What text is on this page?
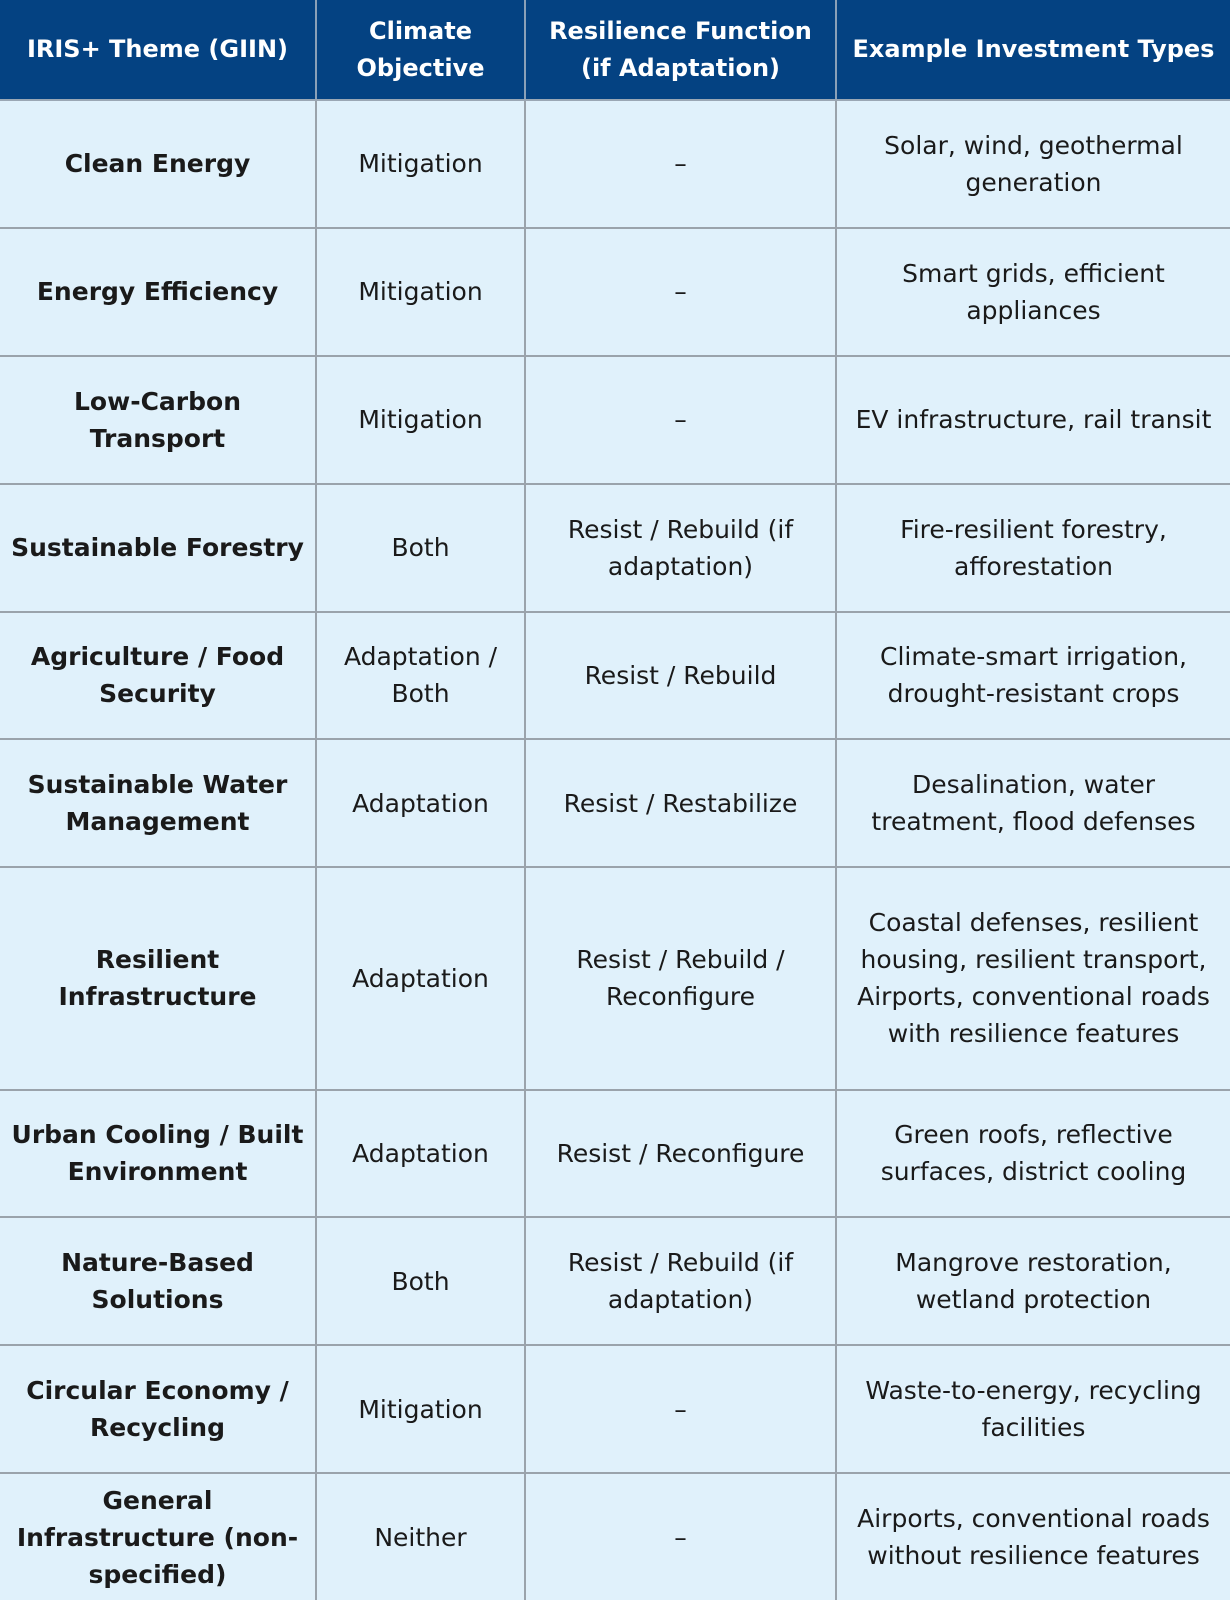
IRIS+ Theme (GIIN)	Climate Objective	Resilience Function (if Adaptation)	Example Investment Types
Clean Energy	Mitigation	–	Solar, wind, geothermal generation
Energy Efficiency	Mitigation	–	Smart grids, efficient appliances
Low-Carbon Transport	Mitigation	–	EV infrastructure, rail transit
Sustainable Forestry	Both	Resist / Rebuild (if adaptation)	Fire-resilient forestry, afforestation
Agriculture / Food Security	Adaptation / Both	Resist / Rebuild	Climate-smart irrigation, drought-resistant crops
Sustainable Water Management	Adaptation	Resist / Restabilize	Desalination, water treatment, flood defenses
Resilient Infrastructure	Adaptation	Resist / Rebuild / Reconfigure	Coastal defenses, resilient housing, resilient transport, Airports, conventional roads with resilience features
Urban Cooling / Built Environment	Adaptation	Resist / Reconfigure	Green roofs, reflective surfaces, district cooling
Nature-Based Solutions	Both	Resist / Rebuild (if adaptation)	Mangrove restoration, wetland protection
Circular Economy / Recycling	Mitigation	–	Waste-to-energy, recycling facilities
General Infrastructure (non-specified)	Neither	–	Airports, conventional roads without resilience features
